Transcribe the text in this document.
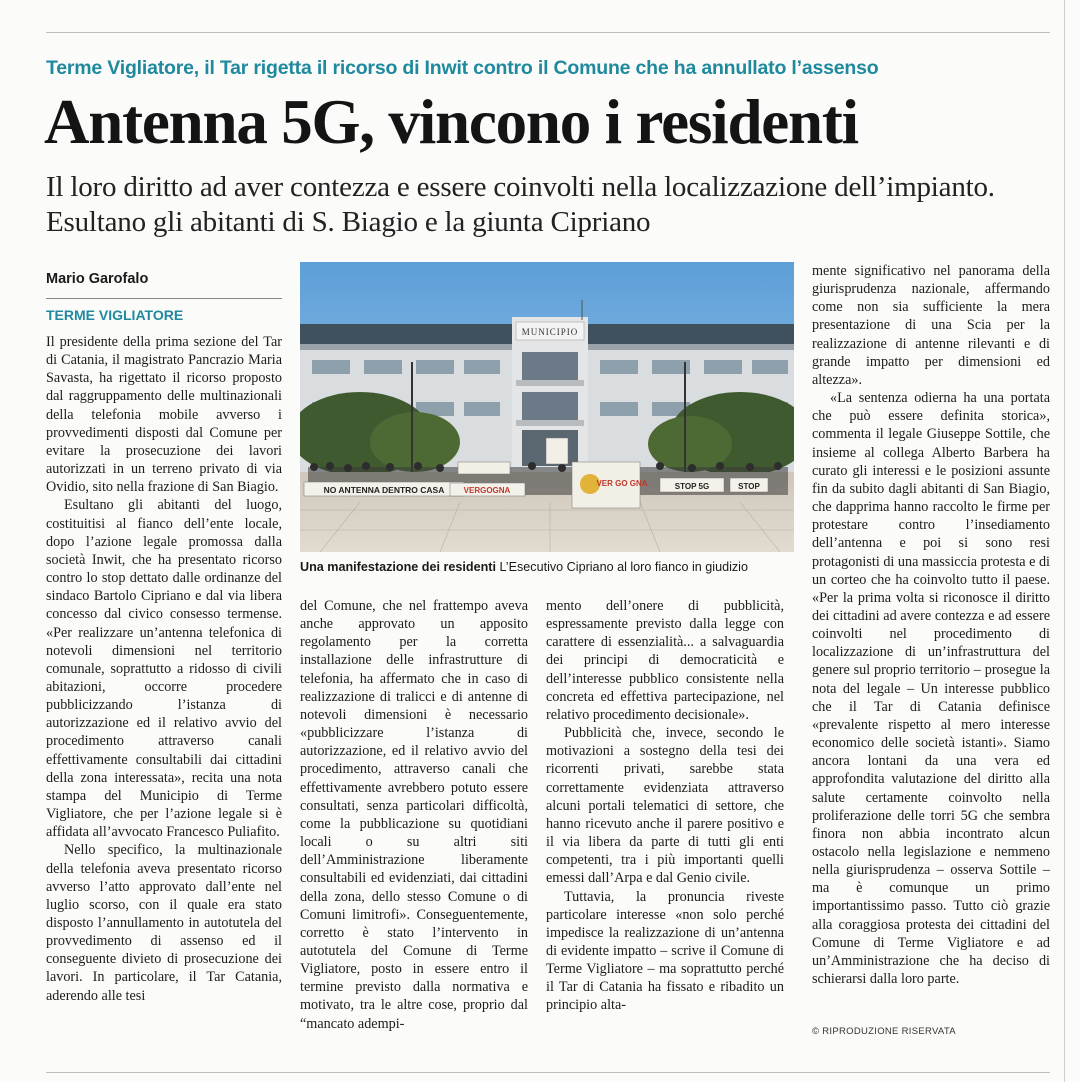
Terme Vigliatore, il Tar rigetta il ricorso di Inwit contro il Comune che ha annullato l’assenso
Antenna 5G, vincono i residenti
Il loro diritto ad aver contezza e essere coinvolti nella localizzazione dell’impianto. Esultano gli abitanti di S. Biagio e la giunta Cipriano
Mario Garofalo
TERME VIGLIATORE

Il presidente della prima sezione del Tar di Catania, il magistrato Pancrazio Maria Savasta, ha rigettato il ricorso proposto dal raggruppamento delle multinazionali della telefonia mobile avverso i provvedimenti disposti dal Comune per evitare la prosecuzione dei lavori autorizzati in un terreno privato di via Ovidio, sito nella frazione di San Biagio.

Esultano gli abitanti del luogo, costituitisi al fianco dell’ente locale, dopo l’azione legale promossa dalla società Inwit, che ha presentato ricorso contro lo stop dettato dalle ordinanze del sindaco Bartolo Cipriano e dal via libera concesso dal civico consesso termense. «Per realizzare un’antenna telefonica di notevoli dimensioni nel territorio comunale, soprattutto a ridosso di civili abitazioni, occorre procedere pubblicizzando l’istanza di autorizzazione ed il relativo avvio del procedimento attraverso canali effettivamente consultabili dai cittadini della zona interessata», recita una nota stampa del Municipio di Terme Vigliatore, che per l’azione legale si è affidata all’avvocato Francesco Puliafito.

Nello specifico, la multinazionale della telefonia aveva presentato ricorso avverso l’atto approvato dall’ente nel luglio scorso, con il quale era stato disposto l’annullamento in autotutela del provvedimento di assenso ed il conseguente divieto di prosecuzione dei lavori. In particolare, il Tar Catania, aderendo alle tesi

MUNICIPIO
NO ANTENNA DENTRO CASA VERGOGNA
VER GO GNA	STOP 5G	STOP
Una manifestazione dei residenti L’Esecutivo Cipriano al loro fianco in giudizio

del Comune, che nel frattempo aveva anche approvato un apposito regolamento per la corretta installazione delle infrastrutture di telefonia, ha affermato che in caso di realizzazione di tralicci e di antenne di notevoli dimensioni è necessario «pubblicizzare l’istanza di autorizzazione, ed il relativo avvio del procedimento, attraverso canali che effettivamente avrebbero potuto essere consultati, senza particolari difficoltà, come la pubblicazione su quotidiani locali o su altri siti dell’Amministrazione liberamente consultabili ed evidenziati, dai cittadini della zona, dello stesso Comune o di Comuni limitrofi». Conseguentemente, corretto è stato l’intervento in autotutela del Comune di Terme Vigliatore, posto in essere entro il termine previsto dalla normativa e motivato, tra le altre cose, proprio dal “mancato adempi-

mento dell’onere di pubblicità, espressamente previsto dalla legge con carattere di essenzialità... a salvaguardia dei principi di democraticità e dell’interesse pubblico consistente nella concreta ed effettiva partecipazione, nel relativo procedimento decisionale».

Pubblicità che, invece, secondo le motivazioni a sostegno della tesi dei ricorrenti privati, sarebbe stata correttamente evidenziata attraverso alcuni portali telematici di settore, che hanno ricevuto anche il parere positivo e il via libera da parte di tutti gli enti competenti, tra i più importanti quelli emessi dall’Arpa e dal Genio civile.

Tuttavia, la pronuncia riveste particolare interesse «non solo perché impedisce la realizzazione di un’antenna di evidente impatto – scrive il Comune di Terme Vigliatore – ma soprattutto perché il Tar di Catania ha fissato e ribadito un principio alta-

mente significativo nel panorama della giurisprudenza nazionale, affermando come non sia sufficiente la mera presentazione di una Scia per la realizzazione di antenne rilevanti e di grande impatto per dimensioni ed altezza».

«La sentenza odierna ha una portata che può essere definita storica», commenta il legale Giuseppe Sottile, che insieme al collega Alberto Barbera ha curato gli interessi e le posizioni assunte fin da subito dagli abitanti di San Biagio, che dapprima hanno raccolto le firme per protestare contro l’insediamento dell’antenna e poi si sono resi protagonisti di una massiccia protesta e di un corteo che ha coinvolto tutto il paese. «Per la prima volta si riconosce il diritto dei cittadini ad avere contezza e ad essere coinvolti nel procedimento di localizzazione di un’infrastruttura del genere sul proprio territorio – prosegue la nota del legale – Un interesse pubblico che il Tar di Catania definisce «prevalente rispetto al mero interesse economico delle società istanti». Siamo ancora lontani da una vera ed approfondita valutazione del diritto alla salute certamente coinvolto nella proliferazione delle torri 5G che sembra finora non abbia incontrato alcun ostacolo nella legislazione e nemmeno nella giurisprudenza – osserva Sottile – ma è comunque un primo importantissimo passo. Tutto ciò grazie alla coraggiosa protesta dei cittadini del Comune di Terme Vigliatore e ad un’Amministrazione che ha deciso di schierarsi dalla loro parte.

© RIPRODUZIONE RISERVATA
